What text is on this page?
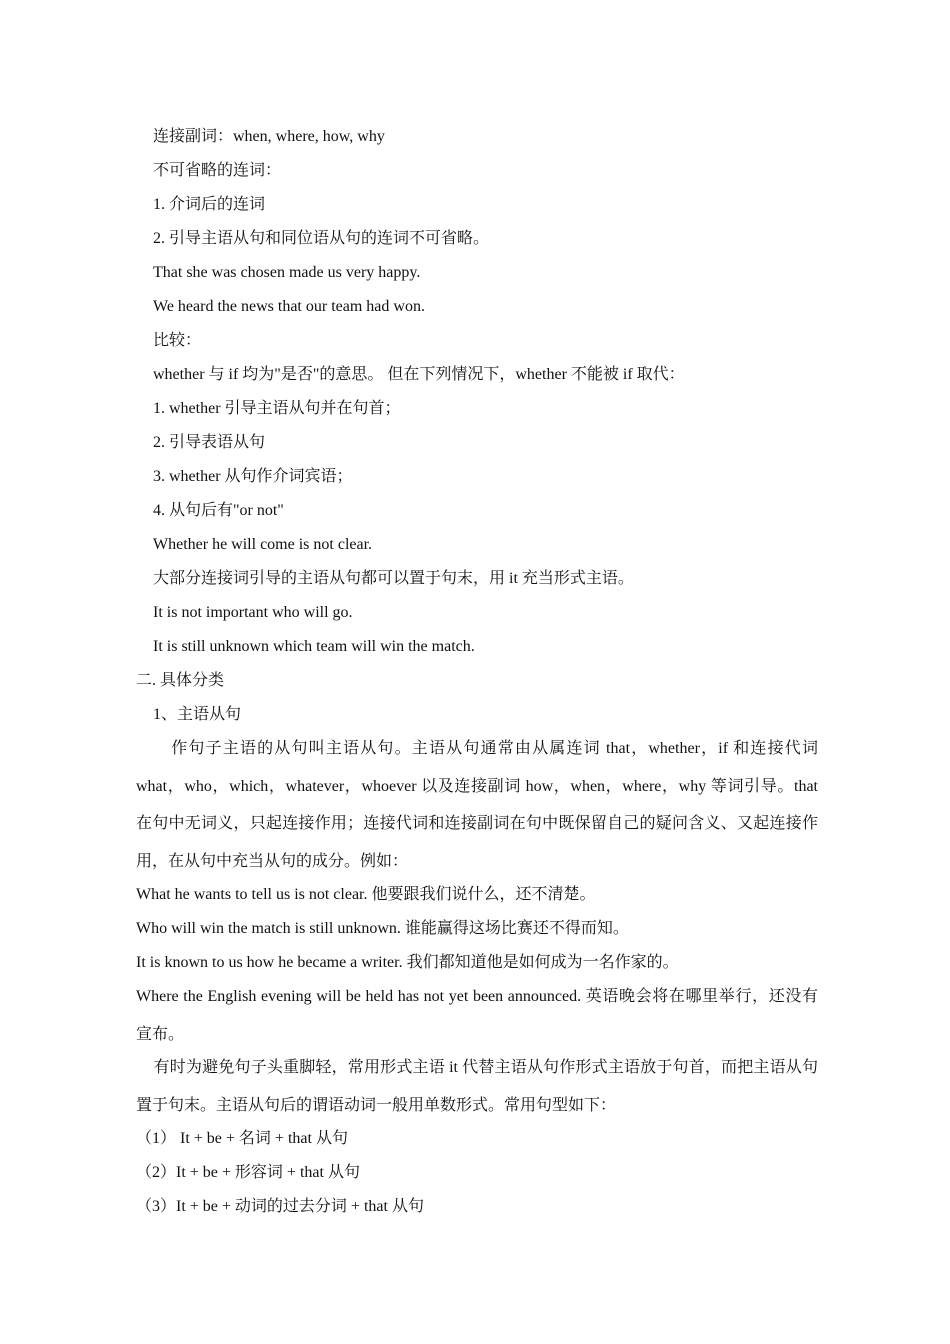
连接副词：when, where, how, why
不可省略的连词：
1. 介词后的连词
2. 引导主语从句和同位语从句的连词不可省略。
That she was chosen made us very happy.
We heard the news that our team had won.
比较：
whether 与 if 均为"是否"的意思。 但在下列情况下，whether 不能被 if 取代：
1. whether 引导主语从句并在句首；
2. 引导表语从句
3. whether 从句作介词宾语；
4. 从句后有"or not"
Whether he will come is not clear.
大部分连接词引导的主语从句都可以置于句末，用 it 充当形式主语。
It is not important who will go.
It is still unknown which team will win the match.
二. 具体分类
1、主语从句

作句子主语的从句叫主语从句。主语从句通常由从属连词 that，whether，if 和连接代词 what，who，which，whatever，whoever 以及连接副词 how，when，where，why 等词引导。that 在句中无词义，只起连接作用；连接代词和连接副词在句中既保留自己的疑问含义、又起连接作用，在从句中充当从句的成分。例如：

What he wants to tell us is not clear. 他要跟我们说什么，还不清楚。
Who will win the match is still unknown. 谁能赢得这场比赛还不得而知。
It is known to us how he became a writer. 我们都知道他是如何成为一名作家的。

Where the English evening will be held has not yet been announced. 英语晚会将在哪里举行，还没有宣布。

有时为避免句子头重脚轻，常用形式主语 it 代替主语从句作形式主语放于句首，而把主语从句置于句末。主语从句后的谓语动词一般用单数形式。常用句型如下：

（1） It + be + 名词 + that 从句
（2）It + be + 形容词 + that 从句
（3）It + be + 动词的过去分词 + that 从句
